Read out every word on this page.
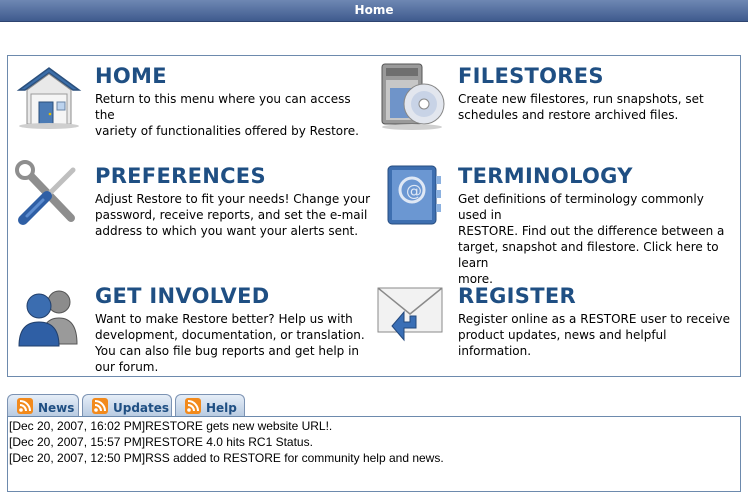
Home
HOME
Return to this menu where you can access the
variety of functionalities offered by Restore.
FILESTORES
Create new filestores, run snapshots, set
schedules and restore archived files.
PREFERENCES
Adjust Restore to fit your needs! Change your
password, receive reports, and set the e-mail
address to which you want your alerts sent.
@
TERMINOLOGY
Get definitions of terminology commonly used in
RESTORE. Find out the difference between a
target, snapshot and filestore. Click here to learn
more.
GET INVOLVED
Want to make Restore better? Help us with
development, documentation, or translation.
You can also file bug reports and get help in
our forum.
REGISTER
Register online as a RESTORE user to receive
product updates, news and helpful information.
News	Updates	Help
[Dec 20, 2007, 16:02 PM]RESTORE gets new website URL!.
[Dec 20, 2007, 15:57 PM]RESTORE 4.0 hits RC1 Status.
[Dec 20, 2007, 12:50 PM]RSS added to RESTORE for community help and news.
